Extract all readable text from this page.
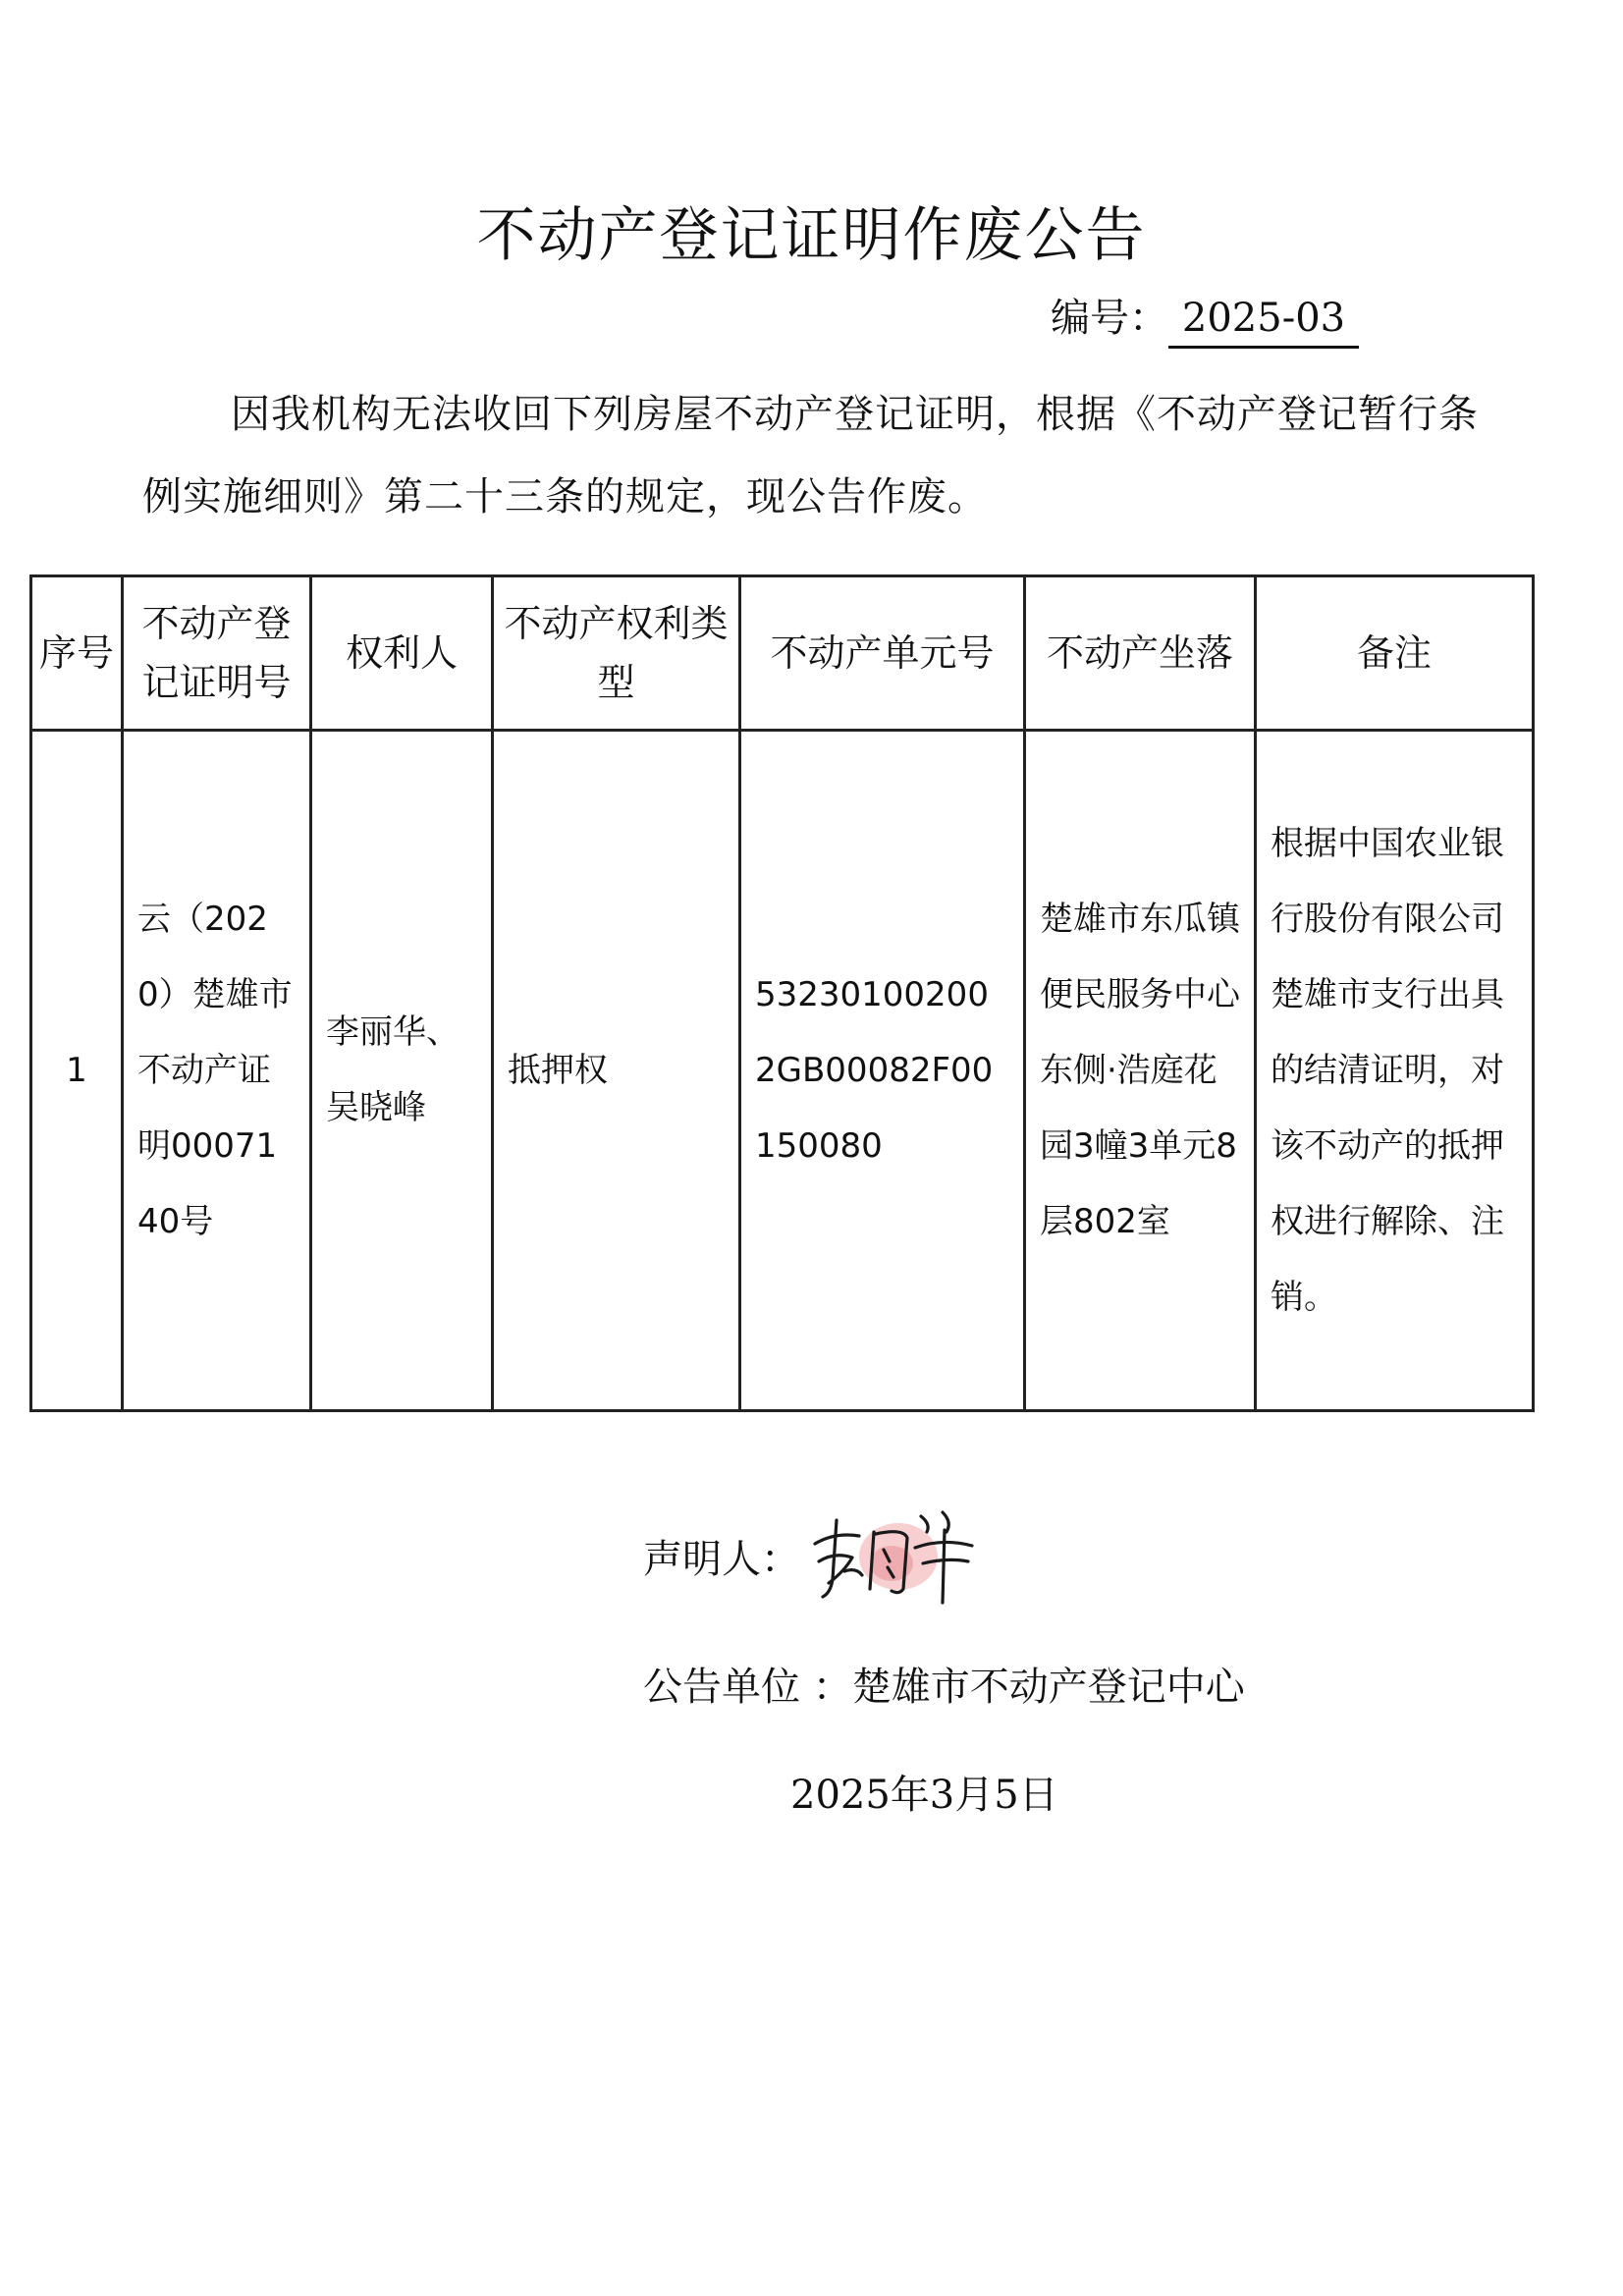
不动产登记证明作废公告
编号： 2025-03
因我机构无法收回下列房屋不动产登记证明，根据《不动产登记暂行条例实施细则》第二十三条的规定，现公告作废。
序号	不动产登记证明号	权利人	不动产权利类型	不动产单元号	不动产坐落	备注
1	云（2020）楚雄市不动产证明0007140号	李丽华、吴晓峰	抵押权	532301002002GB00082F00150080	楚雄市东瓜镇便民服务中心东侧·浩庭花园3幢3单元8层802室	根据中国农业银行股份有限公司楚雄市支行出具的结清证明，对该不动产的抵押权进行解除、注销。
声明人：
公告单位 ：楚雄市不动产登记中心
2025年3月5日
